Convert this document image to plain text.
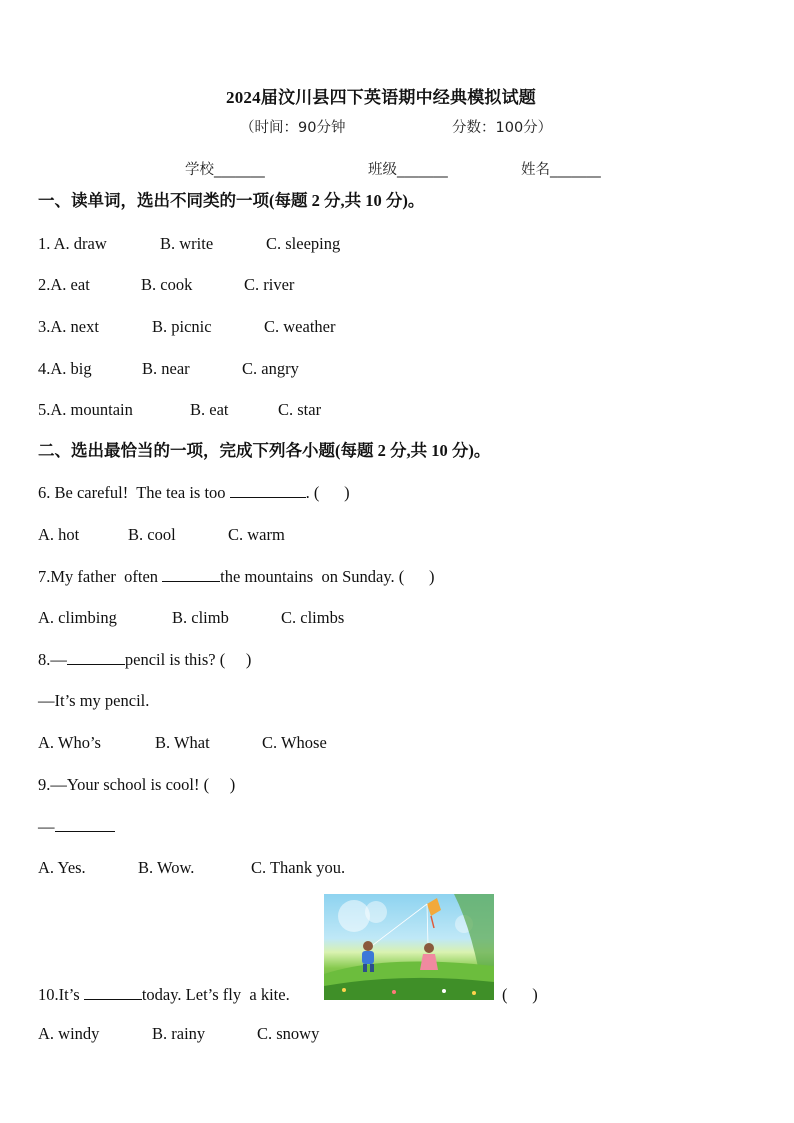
2024届汶川县四下英语期中经典模拟试题
（时间：90分钟	分数：100分）
学校_______	班级_______	姓名_______
一、读单词，选出不同类的一项(每题 2 分,共 10 分)。
1. A. draw	B. write	C. sleeping
2.A. eat	B. cook	C. river
3.A. next	B. picnic	C. weather
4.A. big	B. near	C. angry
5.A. mountain	B. eat	C. star
二、选出最恰当的一项，完成下列各小题(每题 2 分,共 10 分)。
6. Be careful!  The tea is too	. (      )
A. hot	B. cool	C. warm
7.My father  often	the mountains  on Sunday. (      )
A. climbing	B. climb	C. climbs
8.—	pencil is this? (     )
—It’s my pencil.
A. Who’s	B. What	C. Whose
9.—Your school is cool! (     )
—
A. Yes.	B. Wow.	C. Thank you.
10.It’s	today. Let’s fly  a kite.	(      )
A. windy	B. rainy	C. snowy
